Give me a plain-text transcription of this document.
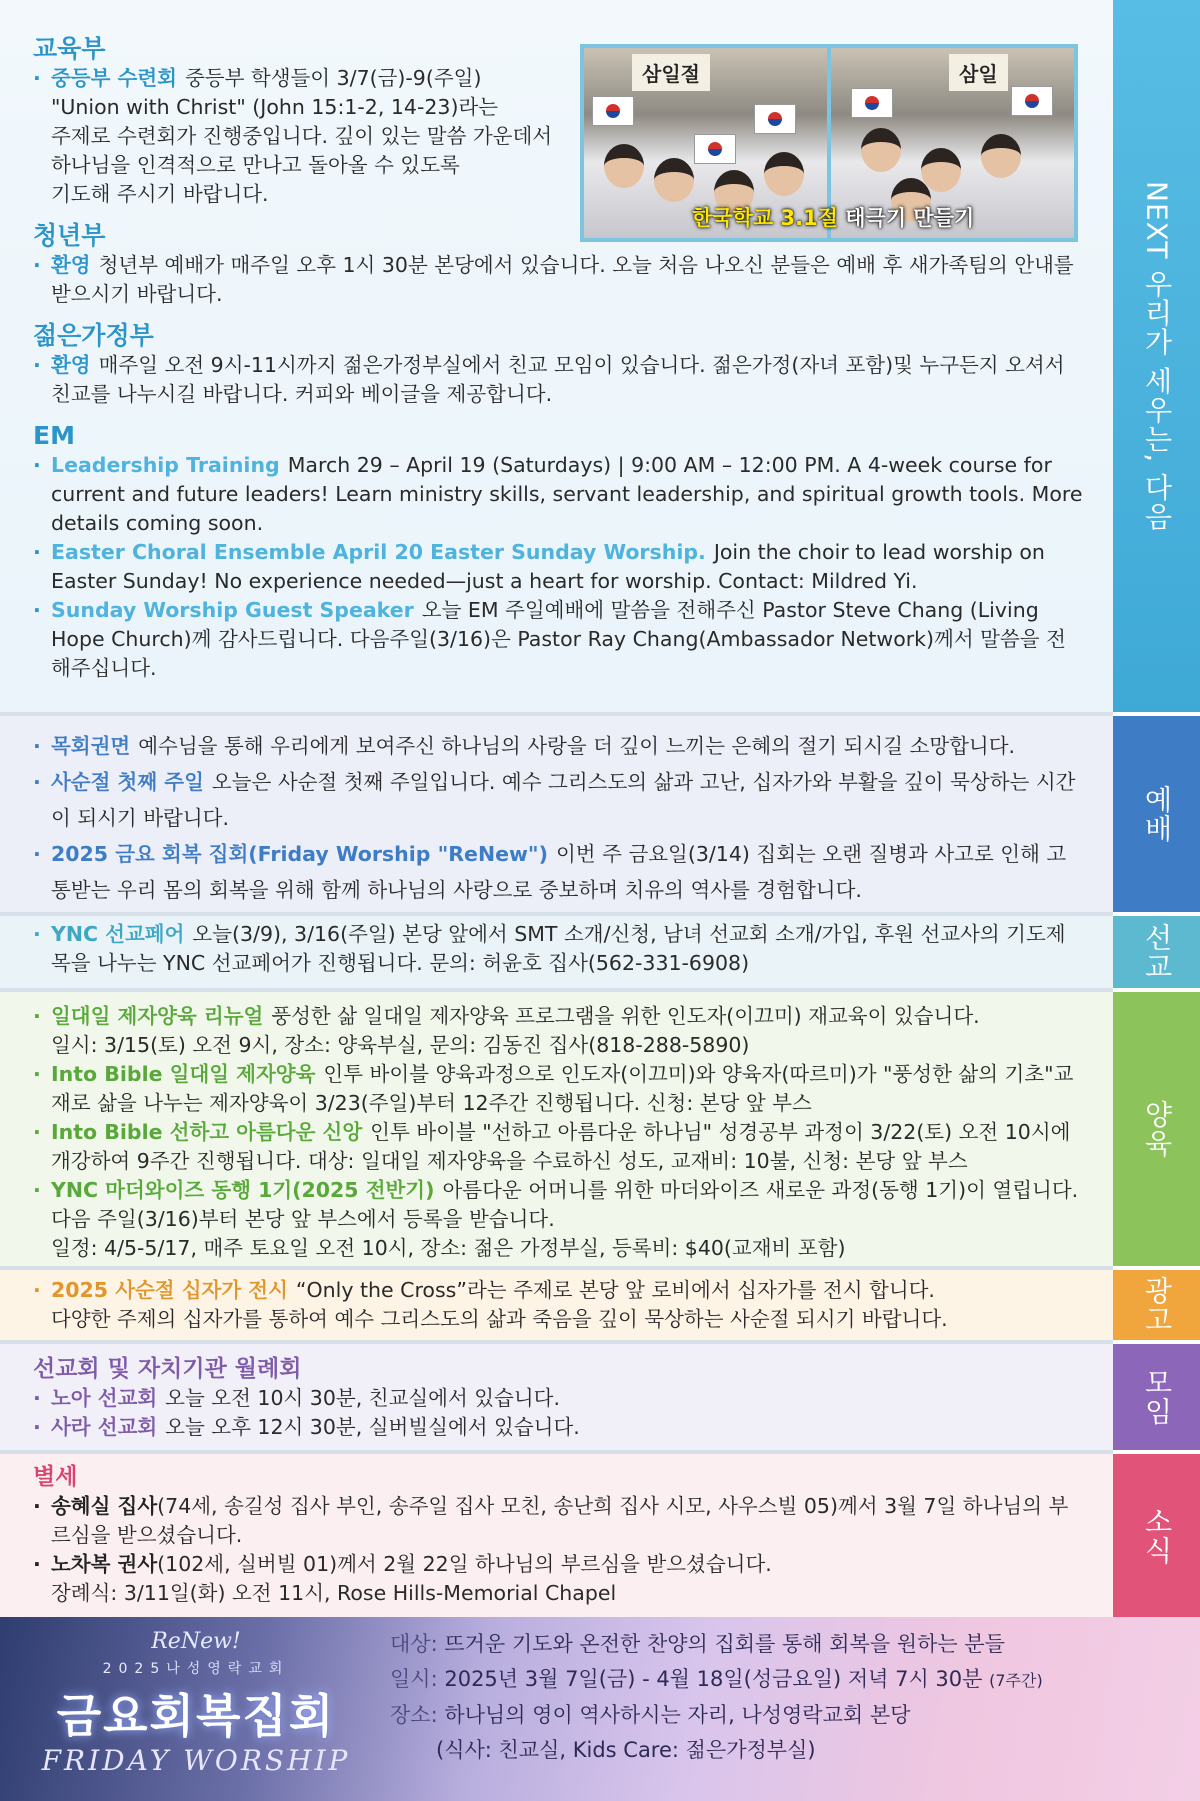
교육부

· 중등부 수련회 중등부 학생들이 3/7(금)-9(주일)

"Union with Christ" (John 15:1-2, 14-23)라는

주제로 수련회가 진행중입니다. 깊이 있는 말씀 가운데서

하나님을 인격적으로 만나고 돌아올 수 있도록

기도해 주시기 바랍니다.

청년부

· 환영 청년부 예배가 매주일 오후 1시 30분 본당에서 있습니다. 오늘 처음 나오신 분들은 예배 후 새가족팀의 안내를 받으시기 바랍니다.

젊은가정부

· 환영 매주일 오전 9시-11시까지 젊은가정부실에서 친교 모임이 있습니다. 젊은가정(자녀 포함)및 누구든지 오셔서 친교를 나누시길 바랍니다. 커피와 베이글을 제공합니다.

EM

· Leadership Training March 29 – April 19 (Saturdays) | 9:00 AM – 12:00 PM. A 4-week course for current and future leaders! Learn ministry skills, servant leadership, and spiritual growth tools. More details coming soon.
· Easter Choral Ensemble April 20 Easter Sunday Worship. Join the choir to lead worship on Easter Sunday! No experience needed—just a heart for worship. Contact: Mildred Yi.
· Sunday Worship Guest Speaker 오늘 EM 주일예배에 말씀을 전해주신 Pastor Steve Chang (Living Hope Church)께 감사드립니다. 다음주일(3/16)은 Pastor Ray Chang(Ambassador Network)께서 말씀을 전해주십니다.
삼일절	삼일
한국학교 3.1절 태극기 만들기	NEXT 우리가 세우는, 다음
· 목회권면 예수님을 통해 우리에게 보여주신 하나님의 사랑을 더 깊이 느끼는 은혜의 절기 되시길 소망합니다.
· 사순절 첫째 주일 오늘은 사순절 첫째 주일입니다. 예수 그리스도의 삶과 고난, 십자가와 부활을 깊이 묵상하는 시간이 되시기 바랍니다.
· 2025 금요 회복 집회(Friday Worship "ReNew") 이번 주 금요일(3/14) 집회는 오랜 질병과 사고로 인해 고통받는 우리 몸의 회복을 위해 함께 하나님의 사랑으로 중보하며 치유의 역사를 경험합니다.
예배
· YNC 선교페어 오늘(3/9), 3/16(주일) 본당 앞에서 SMT 소개/신청, 남녀 선교회 소개/가입, 후원 선교사의 기도제목을 나누는 YNC 선교페어가 진행됩니다. 문의: 허윤호 집사(562-331-6908)	선교
· 일대일 제자양육 리뉴얼 풍성한 삶 일대일 제자양육 프로그램을 위한 인도자(이끄미) 재교육이 있습니다.

일시: 3/15(토) 오전 9시, 장소: 양육부실, 문의: 김동진 집사(818-288-5890)

· Into Bible 일대일 제자양육 인투 바이블 양육과정으로 인도자(이끄미)와 양육자(따르미)가 "풍성한 삶의 기초"교재로 삶을 나누는 제자양육이 3/23(주일)부터 12주간 진행됩니다. 신청: 본당 앞 부스
· Into Bible 선하고 아름다운 신앙 인투 바이블 "선하고 아름다운 하나님" 성경공부 과정이 3/22(토) 오전 10시에 개강하여 9주간 진행됩니다. 대상: 일대일 제자양육을 수료하신 성도, 교재비: 10불, 신청: 본당 앞 부스
· YNC 마더와이즈 동행 1기(2025 전반기) 아름다운 어머니를 위한 마더와이즈 새로운 과정(동행 1기)이 열립니다. 다음 주일(3/16)부터 본당 앞 부스에서 등록을 받습니다.

일정: 4/5-5/17, 매주 토요일 오전 10시, 장소: 젊은 가정부실, 등록비: $40(교재비 포함)

양육
· 2025 사순절 십자가 전시 “Only the Cross”라는 주제로 본당 앞 로비에서 십자가를 전시 합니다.

다양한 주제의 십자가를 통하여 예수 그리스도의 삶과 죽음을 깊이 묵상하는 사순절 되시기 바랍니다.	광고

선교회 및 자치기관 월례회

· 노아 선교회 오늘 오전 10시 30분, 친교실에서 있습니다.
· 사라 선교회 오늘 오후 12시 30분, 실버빌실에서 있습니다.
모임

별세

· 송혜실 집사(74세, 송길성 집사 부인, 송주일 집사 모친, 송난희 집사 시모, 사우스빌 05)께서 3월 7일 하나님의 부르심을 받으셨습니다.
· 노차복 권사(102세, 실버빌 01)께서 2월 22일 하나님의 부르심을 받으셨습니다.

장례식: 3/11일(화) 오전 11시, Rose Hills-Memorial Chapel

소식
ReNew!
2025나성영락교회
금요회복집회
FRIDAY WORSHIP
대상: 뜨거운 기도와 온전한 찬양의 집회를 통해 회복을 원하는 분들
일시: 2025년 3월 7일(금) - 4월 18일(성금요일) 저녁 7시 30분 (7주간)
장소: 하나님의 영이 역사하시는 자리, 나성영락교회 본당
(식사: 친교실, Kids Care: 젊은가정부실)
